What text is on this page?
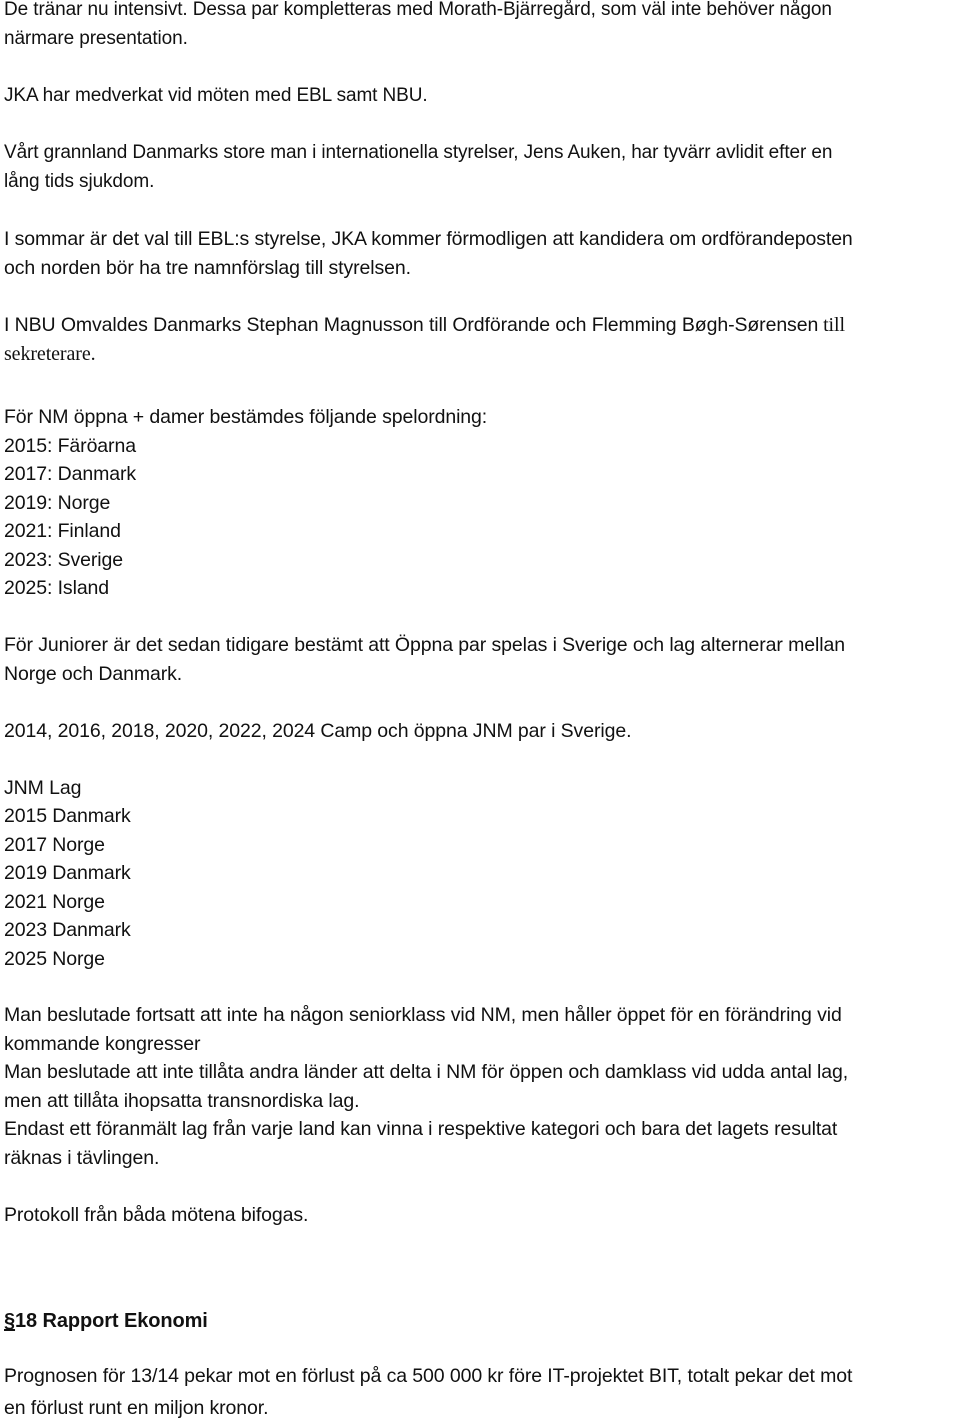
De tränar nu intensivt. Dessa par kompletteras med Morath-Bjärregård, som väl inte behöver någon

närmare presentation.

JKA har medverkat vid möten med EBL samt NBU.

Vårt grannland Danmarks store man i internationella styrelser, Jens Auken, har tyvärr avlidit efter en

lång tids sjukdom.

I sommar är det val till EBL:s styrelse, JKA kommer förmodligen att kandidera om ordförandeposten

och norden bör ha tre namnförslag till styrelsen.

I NBU Omvaldes Danmarks Stephan Magnusson till Ordförande och Flemming Bøgh-Sørensen till

sekreterare.

För NM öppna + damer bestämdes följande spelordning:

2015: Färöarna

2017: Danmark

2019: Norge

2021: Finland

2023: Sverige

2025: Island

För Juniorer är det sedan tidigare bestämt att Öppna par spelas i Sverige och lag alternerar mellan

Norge och Danmark.

2014, 2016, 2018, 2020, 2022, 2024 Camp och öppna JNM par i Sverige.

JNM Lag

2015 Danmark

2017 Norge

2019 Danmark

2021 Norge

2023 Danmark

2025 Norge

Man beslutade fortsatt att inte ha någon seniorklass vid NM, men håller öppet för en förändring vid

kommande kongresser

Man beslutade att inte tillåta andra länder att delta i NM för öppen och damklass vid udda antal lag,

men att tillåta ihopsatta transnordiska lag.

Endast ett föranmält lag från varje land kan vinna i respektive kategori och bara det lagets resultat

räknas i tävlingen.

Protokoll från båda mötena bifogas.

§18 Rapport Ekonomi

Prognosen för 13/14 pekar mot en förlust på ca 500 000 kr före IT-projektet BIT, totalt pekar det mot

en förlust runt en miljon kronor.
